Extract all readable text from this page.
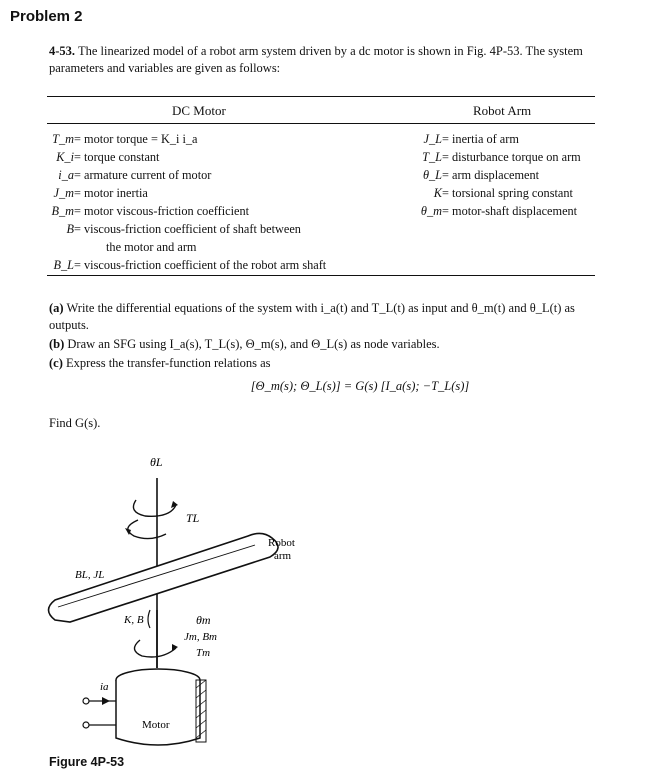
Problem 2
4-53. The linearized model of a robot arm system driven by a dc motor is shown in Fig. 4P-53. The system parameters and variables are given as follows:
DC Motor	Robot Arm
T_m = motor torque = K_i i_a
K_i = torque constant
i_a = armature current of motor
J_m = motor inertia
B_m = motor viscous-friction coefficient
B = viscous-friction coefficient of shaft between
the motor and arm
B_L = viscous-friction coefficient of the robot arm shaft
J_L = inertia of arm
T_L = disturbance torque on arm
θ_L = arm displacement
K = torsional spring constant
θ_m = motor-shaft displacement
(a) Write the differential equations of the system with i_a(t) and T_L(t) as input and θ_m(t) and θ_L(t) as outputs.
(b) Draw an SFG using I_a(s), T_L(s), Θ_m(s), and Θ_L(s) as node variables.
(c) Express the transfer-function relations as
[Θ_m(s); Θ_L(s)] = G(s) [I_a(s); −T_L(s)]
Find G(s).
θL
TL
Robot
arm
BL, JL
K, B	θm
Jm, Bm
Tm
ia
Motor
Figure 4P-53
